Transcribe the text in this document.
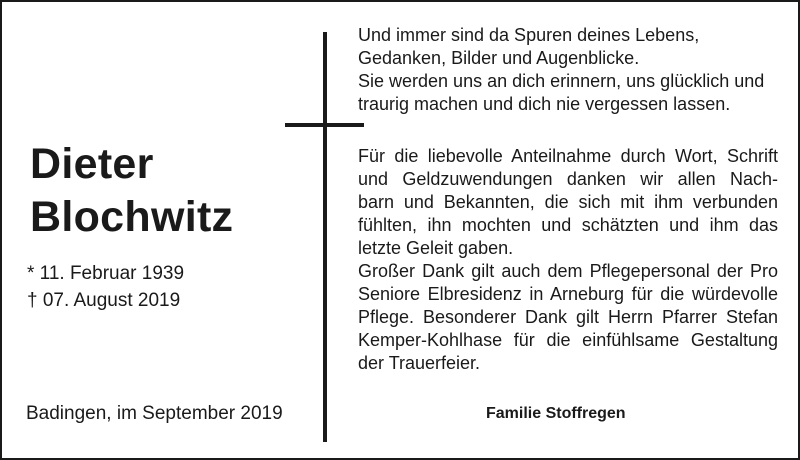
Dieter
Blochwitz
* 11. Februar 1939
† 07. August 2019
Badingen, im September 2019
Und immer sind da Spuren deines Lebens,
Gedanken, Bilder und Augenblicke.
Sie werden uns an dich erinnern, uns glücklich und
traurig machen und dich nie vergessen lassen.
Für die liebevolle Anteilnahme durch Wort, Schrift
und Geldzuwendungen danken wir allen Nach-
barn und Bekannten, die sich mit ihm verbunden
fühlten, ihn mochten und schätzten und ihm das
letzte Geleit gaben.
Großer Dank gilt auch dem Pflegepersonal der Pro
Seniore Elbresidenz in Arneburg für die würdevolle
Pflege. Besonderer Dank gilt Herrn Pfarrer Stefan
Kemper-Kohlhase für die einfühlsame Gestaltung
der Trauerfeier.
Familie Stoffregen
